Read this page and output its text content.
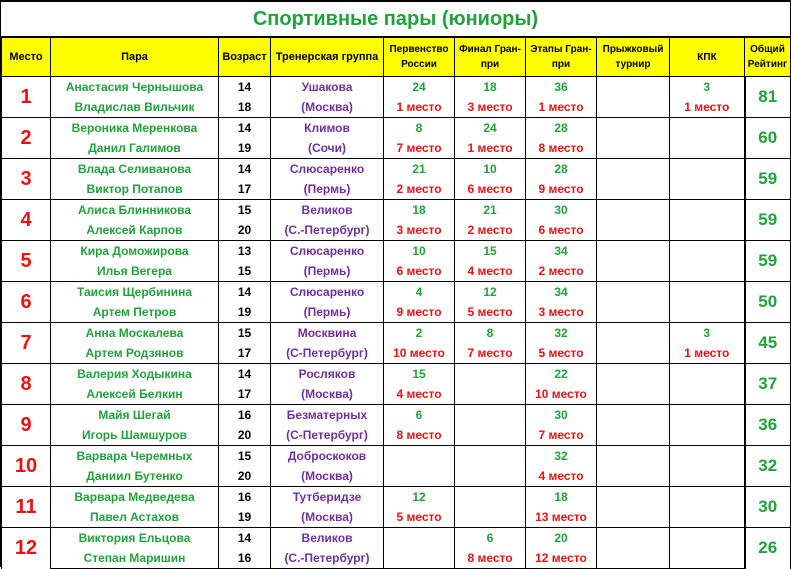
Спортивные пары (юниоры)
Место	Пара	Возраст	Тренерская группа	Первенство России	Финал Гран-при	Этапы Гран-при	Прыжковый турнир	КПК	Общий Рейтинг
1	Анастасия Чернышова	14	Ушакова	24	18	36		3	81
	Владислав Вильчик	18	(Москва)	1 место	3 место	1 место		1 место	
2	Вероника Меренкова	14	Климов	8	24	28			60
	Данил Галимов	19	(Сочи)	7 место	1 место	8 место			
3	Влада Селиванова	14	Слюсаренко	21	10	28			59
	Виктор Потапов	17	(Пермь)	2 место	6 место	9 место			
4	Алиса Блинникова	15	Великов	18	21	30			59
	Алексей Карпов	20	(С.-Петербург)	3 место	2 место	6 место			
5	Кира Доможирова	13	Слюсаренко	10	15	34			59
	Илья Вегера	15	(Пермь)	6 место	4 место	2 место			
6	Таисия Щербинина	14	Слюсаренко	4	12	34			50
	Артем Петров	19	(Пермь)	9 место	5 место	3 место			
7	Анна Москалева	15	Москвина	2	8	32		3	45
	Артем Родзянов	17	(С-Петербург)	10 место	7 место	5 место		1 место	
8	Валерия Ходыкина	14	Росляков	15		22			37
	Алексей Белкин	17	(Москва)	4 место		10 место			
9	Майя Шегай	16	Безматерных	6		30			36
	Игорь Шамшуров	20	(С-Петербург)	8 место		7 место			
10	Варвара Черемных	15	Доброскоков			32			32
	Даниил Бутенко	20	(Москва)			4 место			
11	Варвара Медведева	16	Тутберидзе	12		18			30
	Павел Астахов	19	(Москва)	5 место		13 место			
12	Виктория Ельцова	14	Великов		6	20			26
	Степан Маришин	16	(С.-Петербург)		8 место	12 место			
